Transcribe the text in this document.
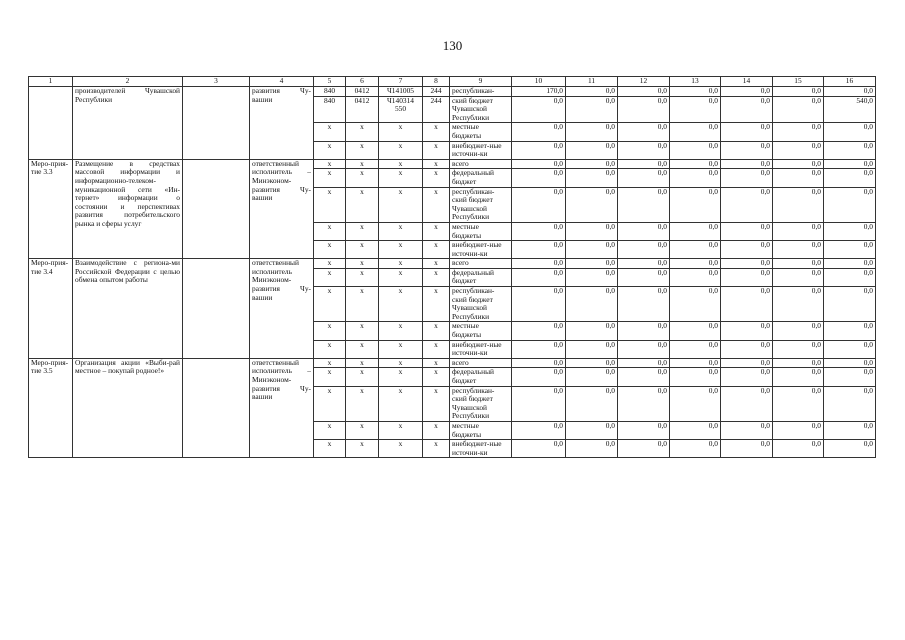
130
1	2	3	4	5	6	7	8	9	10	11	12	13	14	15	16
	производителей Чувашской Республики		развития Чу-вашии	840	0412	Ч141005	244	республикан-	170,0	0,0	0,0	0,0	0,0	0,0	0,0
				840	0412	Ч140314 550	244	ский бюджет Чувашской Республики	0,0	0,0	0,0	0,0	0,0	0,0	540,0
				x	x	x	x	местные бюджеты	0,0	0,0	0,0	0,0	0,0	0,0	0,0
				x	x	x	x	внебюджет-ные источни-ки	0,0	0,0	0,0	0,0	0,0	0,0	0,0
Меро-прия-тие 3.3	Размещение в средствах массовой информации и информационно-телеком-муникационной сети «Ин-тернет» информации о состоянии и перспективах развития потребительского рынка и сферы услуг		ответственный исполнитель – Минэконом-развития Чу-вашии	x	x	x	x	всего	0,0	0,0	0,0	0,0	0,0	0,0	0,0
				x	x	x	x	федеральный бюджет	0,0	0,0	0,0	0,0	0,0	0,0	0,0
				x	x	x	x	республикан-ский бюджет Чувашской Республики	0,0	0,0	0,0	0,0	0,0	0,0	0,0
				x	x	x	x	местные бюджеты	0,0	0,0	0,0	0,0	0,0	0,0	0,0
				x	x	x	x	внебюджет-ные источни-ки	0,0	0,0	0,0	0,0	0,0	0,0	0,0
Меро-прия-тие 3.4	Взаимодействие с региона-ми Российской Федерации с целью обмена опытом работы		ответственный исполнитель Минэконом-развития Чу-вашии	x	x	x	x	всего	0,0	0,0	0,0	0,0	0,0	0,0	0,0
				x	x	x	x	федеральный бюджет	0,0	0,0	0,0	0,0	0,0	0,0	0,0
				x	x	x	x	республикан-ский бюджет Чувашской Республики	0,0	0,0	0,0	0,0	0,0	0,0	0,0
				x	x	x	x	местные бюджеты	0,0	0,0	0,0	0,0	0,0	0,0	0,0
				x	x	x	x	внебюджет-ные источни-ки	0,0	0,0	0,0	0,0	0,0	0,0	0,0
Меро-прия-тие 3.5	Организация акции «Выби-рай местное – покупай родное!»		ответственный исполнитель – Минэконом-развития Чу-вашии	x	x	x	x	всего	0,0	0,0	0,0	0,0	0,0	0,0	0,0
				x	x	x	x	федеральный бюджет	0,0	0,0	0,0	0,0	0,0	0,0	0,0
				x	x	x	x	республикан-ский бюджет Чувашской Республики	0,0	0,0	0,0	0,0	0,0	0,0	0,0
				x	x	x	x	местные бюджеты	0,0	0,0	0,0	0,0	0,0	0,0	0,0
				x	x	x	x	внебюджет-ные источни-ки	0,0	0,0	0,0	0,0	0,0	0,0	0,0
